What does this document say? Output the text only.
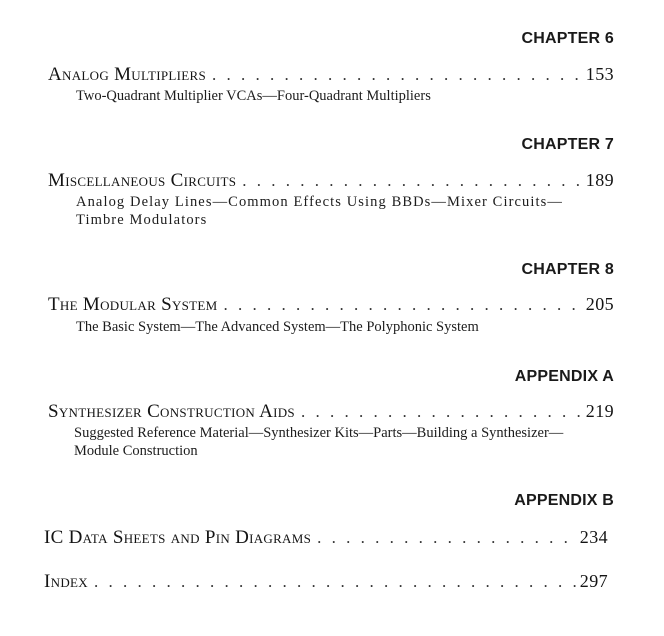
CHAPTER 6
Analog Multipliers . . .	153
Two-Quadrant Multiplier VCAs—Four-Quadrant Multipliers
CHAPTER 7
Miscellaneous Circuits . . .	189
Analog Delay Lines—Common Effects Using BBDs—Mixer Circuits—Timbre Modulators
CHAPTER 8
The Modular System . . .	205
The Basic System—The Advanced System—The Polyphonic System
APPENDIX A
Synthesizer Construction Aids . . .	219
Suggested Reference Material—Synthesizer Kits—Parts—Building a Synthesizer—Module Construction
APPENDIX B
IC Data Sheets and Pin Diagrams . . .	234
Index . . .	297
